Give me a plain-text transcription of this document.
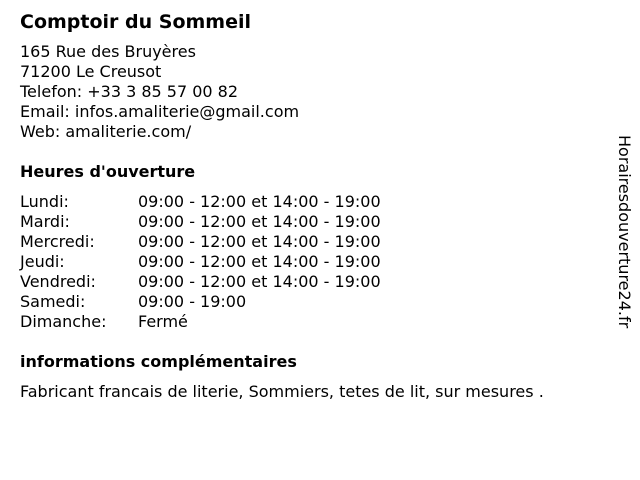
Comptoir du Sommeil
165 Rue des Bruyères
71200 Le Creusot
Telefon: +33 3 85 57 00 82
Email: infos.amaliterie@gmail.com
Web: amaliterie.com/
Heures d'ouverture
Lundi:	09:00 - 12:00 et 14:00 - 19:00
Mardi:	09:00 - 12:00 et 14:00 - 19:00
Mercredi:	09:00 - 12:00 et 14:00 - 19:00
Jeudi:	09:00 - 12:00 et 14:00 - 19:00
Vendredi:	09:00 - 12:00 et 14:00 - 19:00
Samedi:	09:00 - 19:00
Dimanche:	Fermé
informations complémentaires
Fabricant francais de literie, Sommiers, tetes de lit, sur mesures .
Horairesdouverture24.fr
